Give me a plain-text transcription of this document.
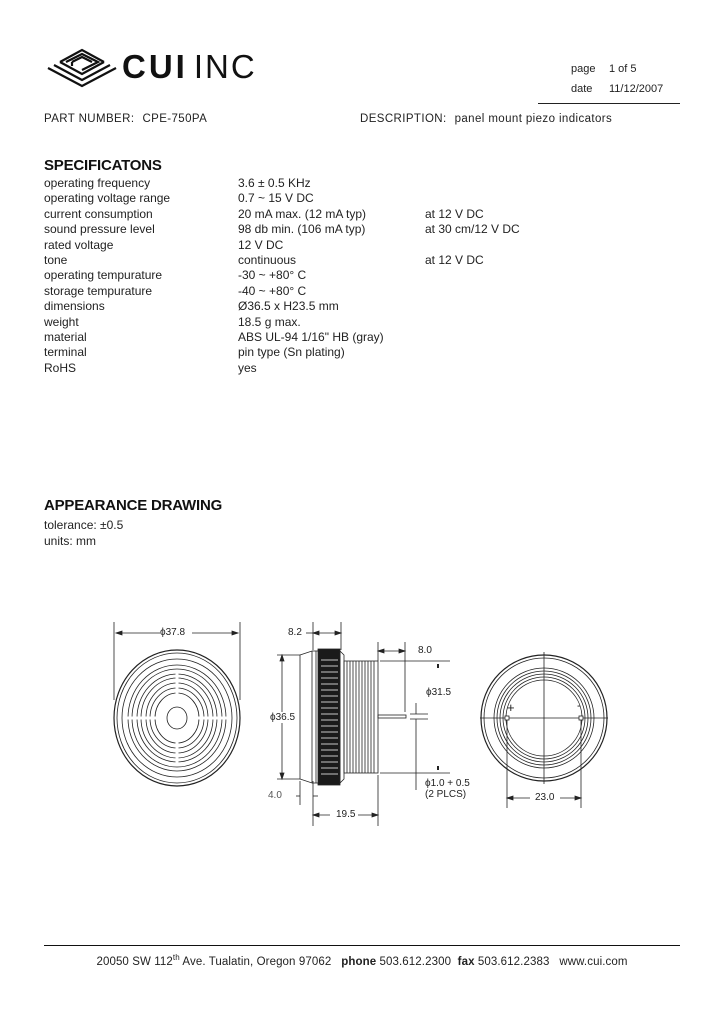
CUI INC	page 1 of 5
date 11/12/2007
PART NUMBER: CPE-750PA	DESCRIPTION: panel mount piezo indicators
SPECIFICATONS
operating frequency	3.6 ± 0.5 KHz
operating voltage range	0.7 ~ 15 V DC
current consumption	20 mA max. (12 mA typ)	at 12 V DC
sound pressure level	98 db min. (106 mA typ)	at 30 cm/12 V DC
rated voltage	12 V DC
tone	continuous	at 12 V DC
operating tempurature	-30 ~ +80° C
storage tempurature	-40 ~ +80° C
dimensions	Ø36.5 x H23.5 mm
weight	18.5 g max.
material	ABS UL-94 1/16" HB (gray)
terminal	pin type (Sn plating)
RoHS	yes
APPEARANCE DRAWING
tolerance: ±0.5
units: mm
ϕ37.8	8.2
8.0
ϕ31.5
ϕ36.5
ϕ1.0 + 0.5
(2 PLCS)
4.0
19.5
23.0
+	-
20050 SW 112th Ave. Tualatin, Oregon 97062 phone 503.612.2300 fax 503.612.2383 www.cui.com
